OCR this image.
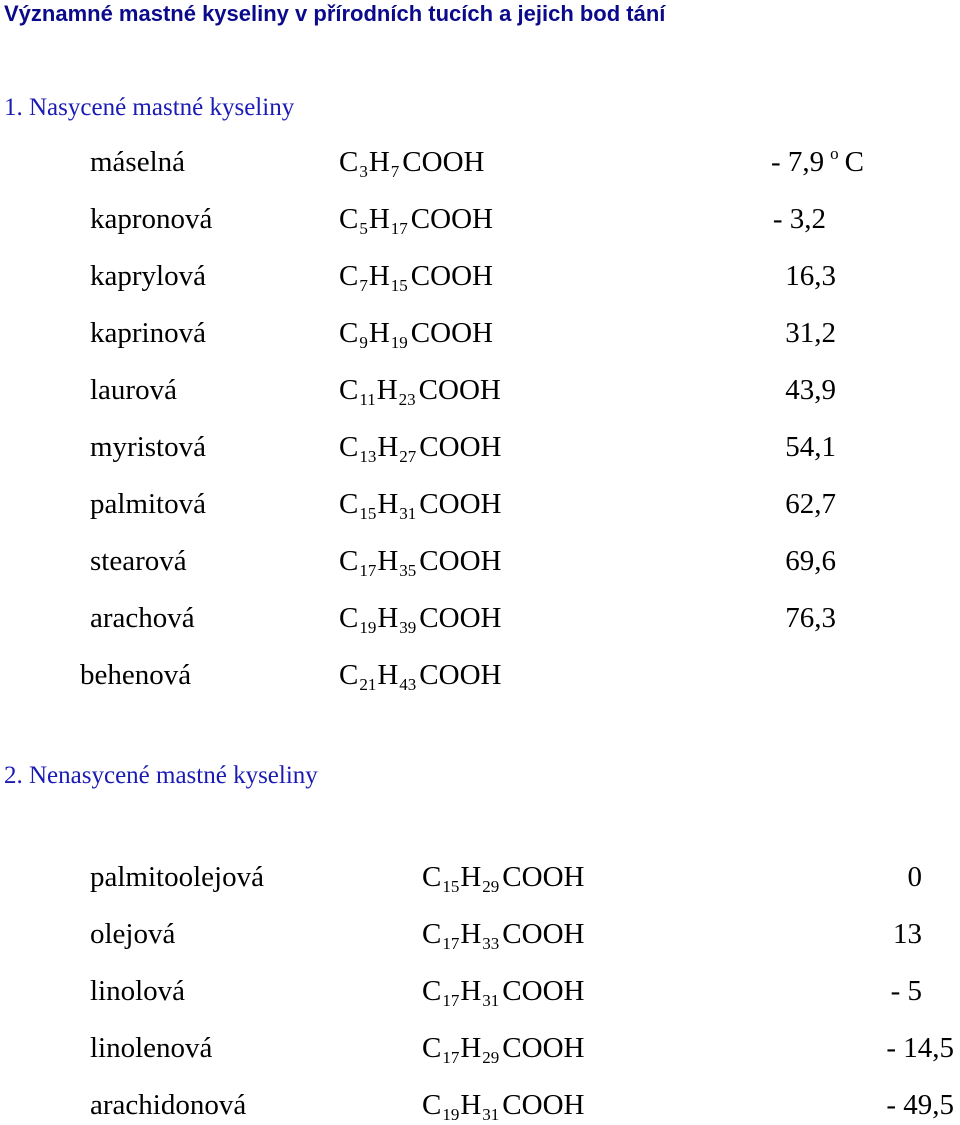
Významné mastné kyseliny v přírodních tucích a jejich bod tání
1. Nasycené mastné kyseliny
máselná	$C_3H_7$ COOH	- 7,9 $^o$ C
kapronová	$C_5H_{17}$ COOH	- 3,2
kaprylová	$C_7H_{15}$ COOH	16,3
kaprinová	$C_9H_{19}$ COOH	31,2
laurová	$C_{11}H_{23}$ COOH	43,9
myristová	$C_{13}H_{27}$ COOH	54,1
palmitová	$C_{15}H_{31}$ COOH	62,7
stearová	$C_{17}H_{35}$ COOH	69,6
arachová	$C_{19}H_{39}$ COOH	76,3
behenová	$C_{21}H_{43}$ COOH
2. Nenasycené mastné kyseliny
palmitoolejová	$C_{15}H_{29}$ COOH	0
olejová	$C_{17}H_{33}$ COOH	13
linolová	$C_{17}H_{31}$ COOH	- 5
linolenová	$C_{17}H_{29}$ COOH	- 14,5
arachidonová	$C_{19}H_{31}$ COOH	- 49,5
